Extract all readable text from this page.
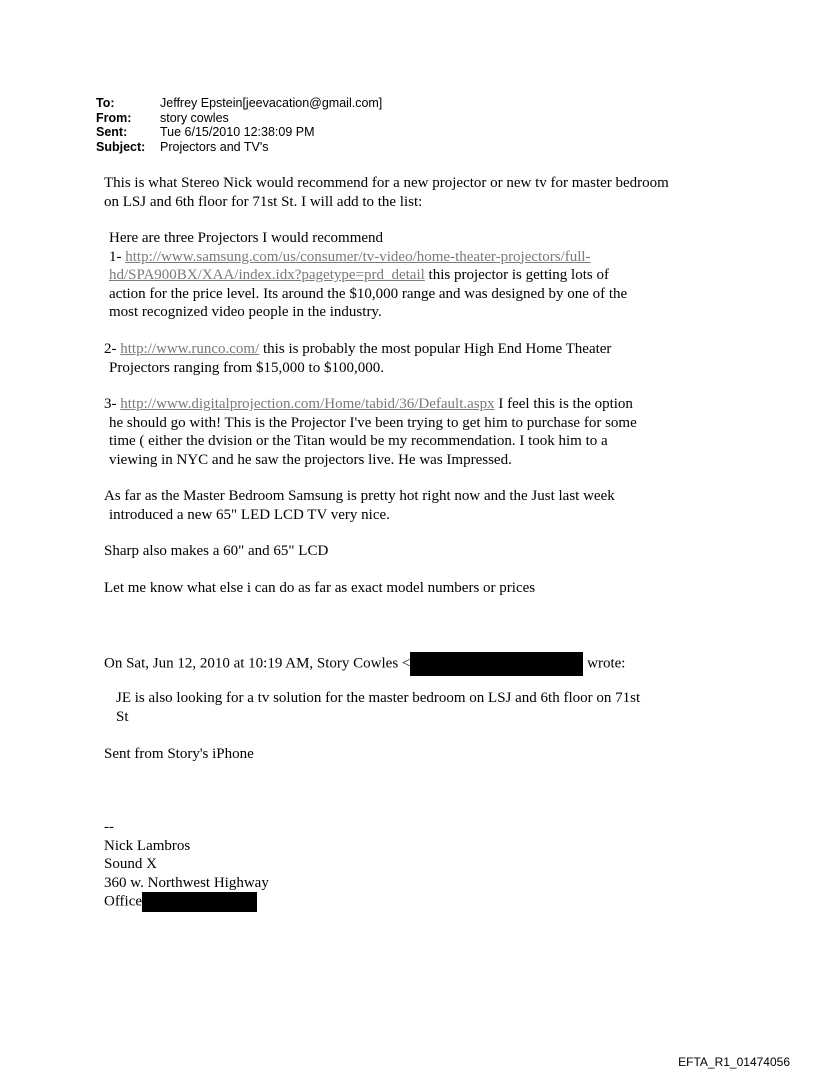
To:	Jeffrey Epstein[jeevacation@gmail.com]
From:	story cowles
Sent:	Tue 6/15/2010 12:38:09 PM
Subject:	Projectors and TV's
This is what Stereo Nick would recommend for a new projector or new tv for master bedroom
on LSJ and 6th floor for 71st St. I will add to the list:
Here are three Projectors I would recommend
1- http://www.samsung.com/us/consumer/tv-video/home-theater-projectors/full-
hd/SPA900BX/XAA/index.idx?pagetype=prd_detail this projector is getting lots of
action for the price level. Its around the $10,000 range and was designed by one of the
most recognized video people in the industry.
2- http://www.runco.com/ this is probably the most popular High End Home Theater
Projectors ranging from $15,000 to $100,000.
3- http://www.digitalprojection.com/Home/tabid/36/Default.aspx I feel this is the option
he should go with! This is the Projector I've been trying to get him to purchase for some
time ( either the dvision or the Titan would be my recommendation. I took him to a
viewing in NYC and he saw the projectors live. He was Impressed.
As far as the Master Bedroom Samsung is pretty hot right now and the Just last week
introduced a new 65" LED LCD TV very nice.
Sharp also makes a 60" and 65" LCD
Let me know what else i can do as far as exact model numbers or prices
On Sat, Jun 12, 2010 at 10:19 AM, Story Cowles <	wrote:
JE is also looking for a tv solution for the master bedroom on LSJ and 6th floor on 71st
St
Sent from Story's iPhone
--
Nick Lambros
Sound X
360 w. Northwest Highway
Office
EFTA_R1_01474056
